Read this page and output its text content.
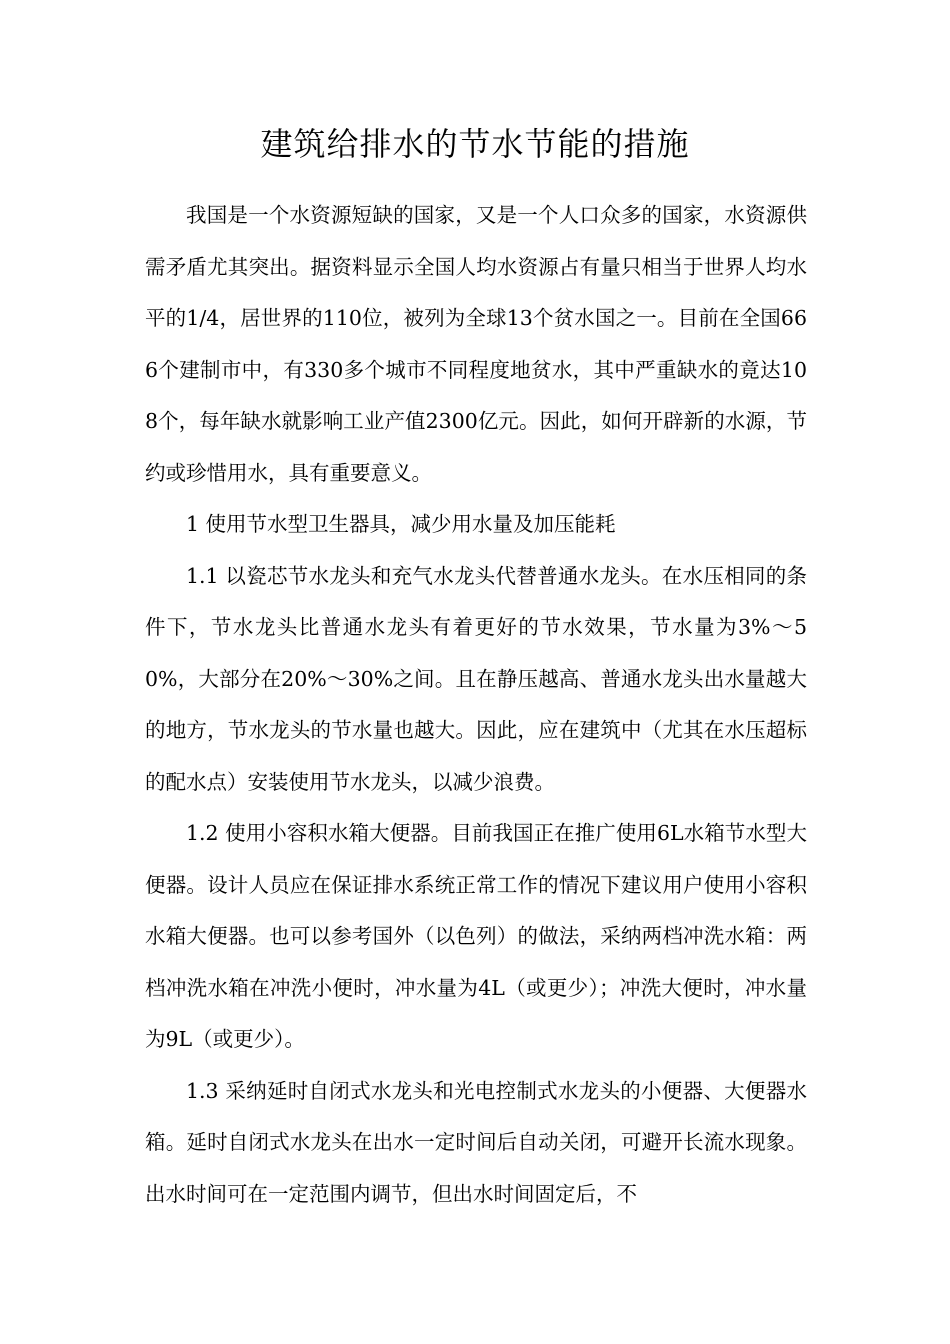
建筑给排水的节水节能的措施

我国是一个水资源短缺的国家，又是一个人口众多的国家，水资源供需矛盾尤其突出。据资料显示全国人均水资源占有量只相当于世界人均水平的1/4，居世界的110位，被列为全球13个贫水国之一。目前在全国666个建制市中，有330多个城市不同程度地贫水，其中严重缺水的竟达108个，每年缺水就影响工业产值2300亿元。因此，如何开辟新的水源，节约或珍惜用水，具有重要意义。

1 使用节水型卫生器具，减少用水量及加压能耗

1.1 以瓷芯节水龙头和充气水龙头代替普通水龙头。在水压相同的条件下，节水龙头比普通水龙头有着更好的节水效果，节水量为3%～50%，大部分在20%～30%之间。且在静压越高、普通水龙头出水量越大的地方，节水龙头的节水量也越大。因此，应在建筑中（尤其在水压超标的配水点）安装使用节水龙头，以减少浪费。

1.2 使用小容积水箱大便器。目前我国正在推广使用6L水箱节水型大便器。设计人员应在保证排水系统正常工作的情况下建议用户使用小容积水箱大便器。也可以参考国外（以色列）的做法，采纳两档冲洗水箱：两档冲洗水箱在冲洗小便时，冲水量为4L（或更少）；冲洗大便时，冲水量为9L（或更少）。

1.3 采纳延时自闭式水龙头和光电控制式水龙头的小便器、大便器水箱。延时自闭式水龙头在出水一定时间后自动关闭，可避开长流水现象。出水时间可在一定范围内调节，但出水时间固定后，不
